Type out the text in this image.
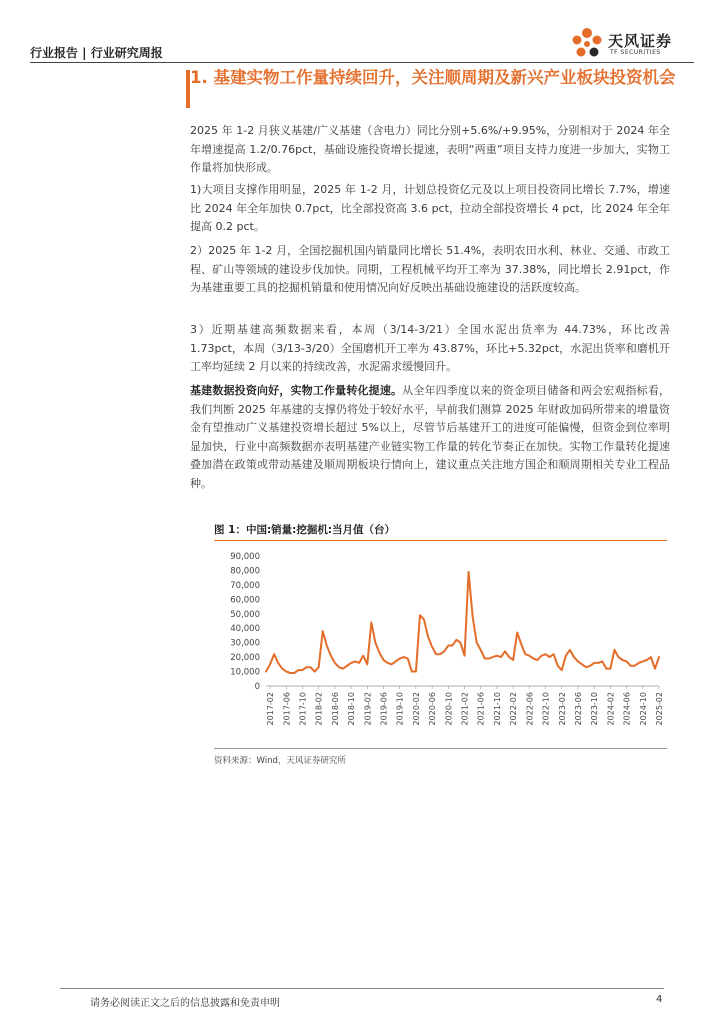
行业报告 | 行业研究周报
天风证券
TF SECURITIES
1. 基建实物工作量持续回升，关注顺周期及新兴产业板块投资机会

2025 年 1-2 月狭义基建/广义基建（含电力）同比分别+5.6%/+9.95%，分别相对于 2024 年全年增速提高 1.2/0.76pct，基础设施投资增长提速，表明“两重”项目支持力度进一步加大，实物工作量将加快形成。

1)大项目支撑作用明显，2025 年 1-2 月，计划总投资亿元及以上项目投资同比增长 7.7%，增速比 2024 年全年加快 0.7pct，比全部投资高 3.6 pct，拉动全部投资增长 4 pct，比 2024 年全年提高 0.2 pct。

2）2025 年 1-2 月，全国挖掘机国内销量同比增长 51.4%，表明农田水利、林业、交通、市政工程、矿山等领域的建设步伐加快。同期，工程机械平均开工率为 37.38%，同比增长 2.91pct，作为基建重要工具的挖掘机销量和使用情况向好反映出基础设施建设的活跃度较高。

3）近期基建高频数据来看，本周（3/14-3/21）全国水泥出货率为 44.73%，环比改善 1.73pct，本周（3/13-3/20）全国磨机开工率为 43.87%，环比+5.32pct，水泥出货率和磨机开工率均延续 2 月以来的持续改善，水泥需求缓慢回升。

基建数据投资向好，实物工作量转化提速。从全年四季度以来的资金项目储备和两会宏观指标看，我们判断 2025 年基建的支撑仍将处于较好水平，早前我们测算 2025 年财政加码所带来的增量资金有望推动广义基建投资增长超过 5%以上，尽管节后基建开工的进度可能偏慢，但资金到位率明显加快，行业中高频数据亦表明基建产业链实物工作量的转化节奏正在加快。实物工作量转化提速叠加潜在政策或带动基建及顺周期板块行情向上，建议重点关注地方国企和顺周期相关专业工程品种。

图 1：中国:销量:挖掘机:当月值（台）
0
10,000
20,000
30,000
40,000
50,000
60,000
70,000
80,000
90,000
2017-02 2017-06 2017-10 2018-02 2018-06 2018-10 2019-02 2019-06 2019-10 2020-02 2020-06 2020-10 2021-02 2021-06 2021-10 2022-02 2022-06 2022-10 2023-02 2023-06 2023-10 2024-02 2024-06 2024-10 2025-02
资料来源：Wind，天风证券研究所
请务必阅读正文之后的信息披露和免责申明	4
